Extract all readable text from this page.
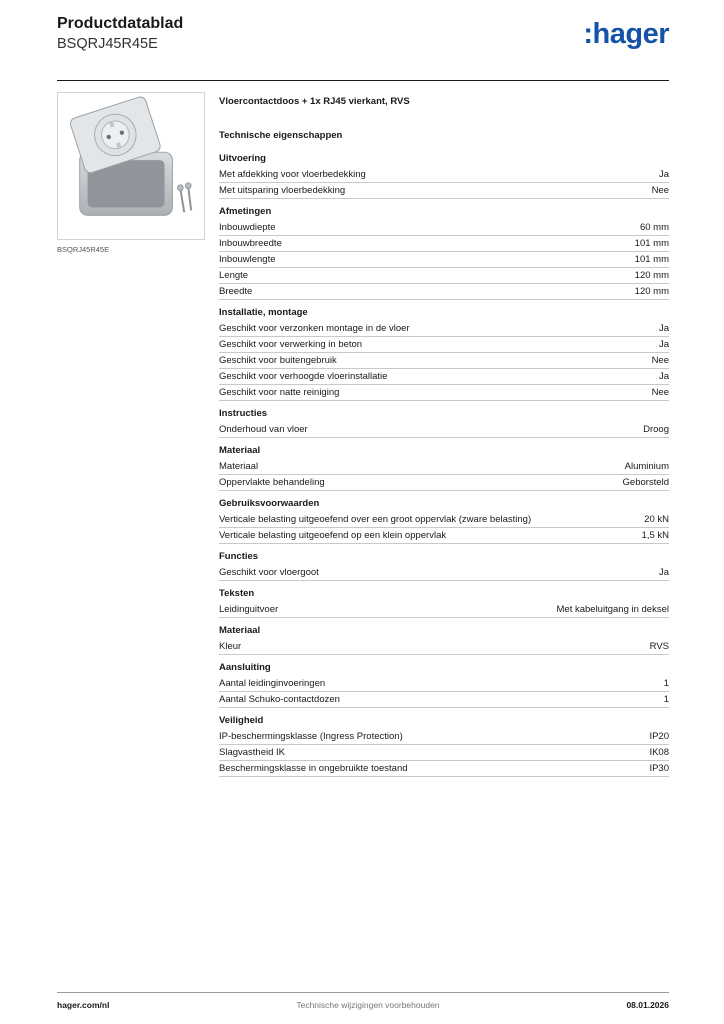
Productdatablad
BSQRJ45R45E	:hager
BSQRJ45R45E
Vloercontactdoos + 1x RJ45 vierkant, RVS
Technische eigenschappen
Uitvoering
Met afdekking voor vloerbedekking	Ja
Met uitsparing vloerbedekking	Nee
Afmetingen
Inbouwdiepte	60 mm
Inbouwbreedte	101 mm
Inbouwlengte	101 mm
Lengte	120 mm
Breedte	120 mm
Installatie, montage
Geschikt voor verzonken montage in de vloer	Ja
Geschikt voor verwerking in beton	Ja
Geschikt voor buitengebruik	Nee
Geschikt voor verhoogde vloerinstallatie	Ja
Geschikt voor natte reiniging	Nee
Instructies
Onderhoud van vloer	Droog
Materiaal
Materiaal	Aluminium
Oppervlakte behandeling	Geborsteld
Gebruiksvoorwaarden
Verticale belasting uitgeoefend over een groot oppervlak (zware belasting)	20 kN
Verticale belasting uitgeoefend op een klein oppervlak	1,5 kN
Functies
Geschikt voor vloergoot	Ja
Teksten
Leidinguitvoer	Met kabeluitgang in deksel
Materiaal
Kleur	RVS
Aansluiting
Aantal leidinginvoeringen	1
Aantal Schuko-contactdozen	1
Veiligheid
IP-beschermingsklasse (Ingress Protection)	IP20
Slagvastheid IK	IK08
Beschermingsklasse in ongebruikte toestand	IP30
hager.com/nl	Technische wijzigingen voorbehouden	08.01.2026
